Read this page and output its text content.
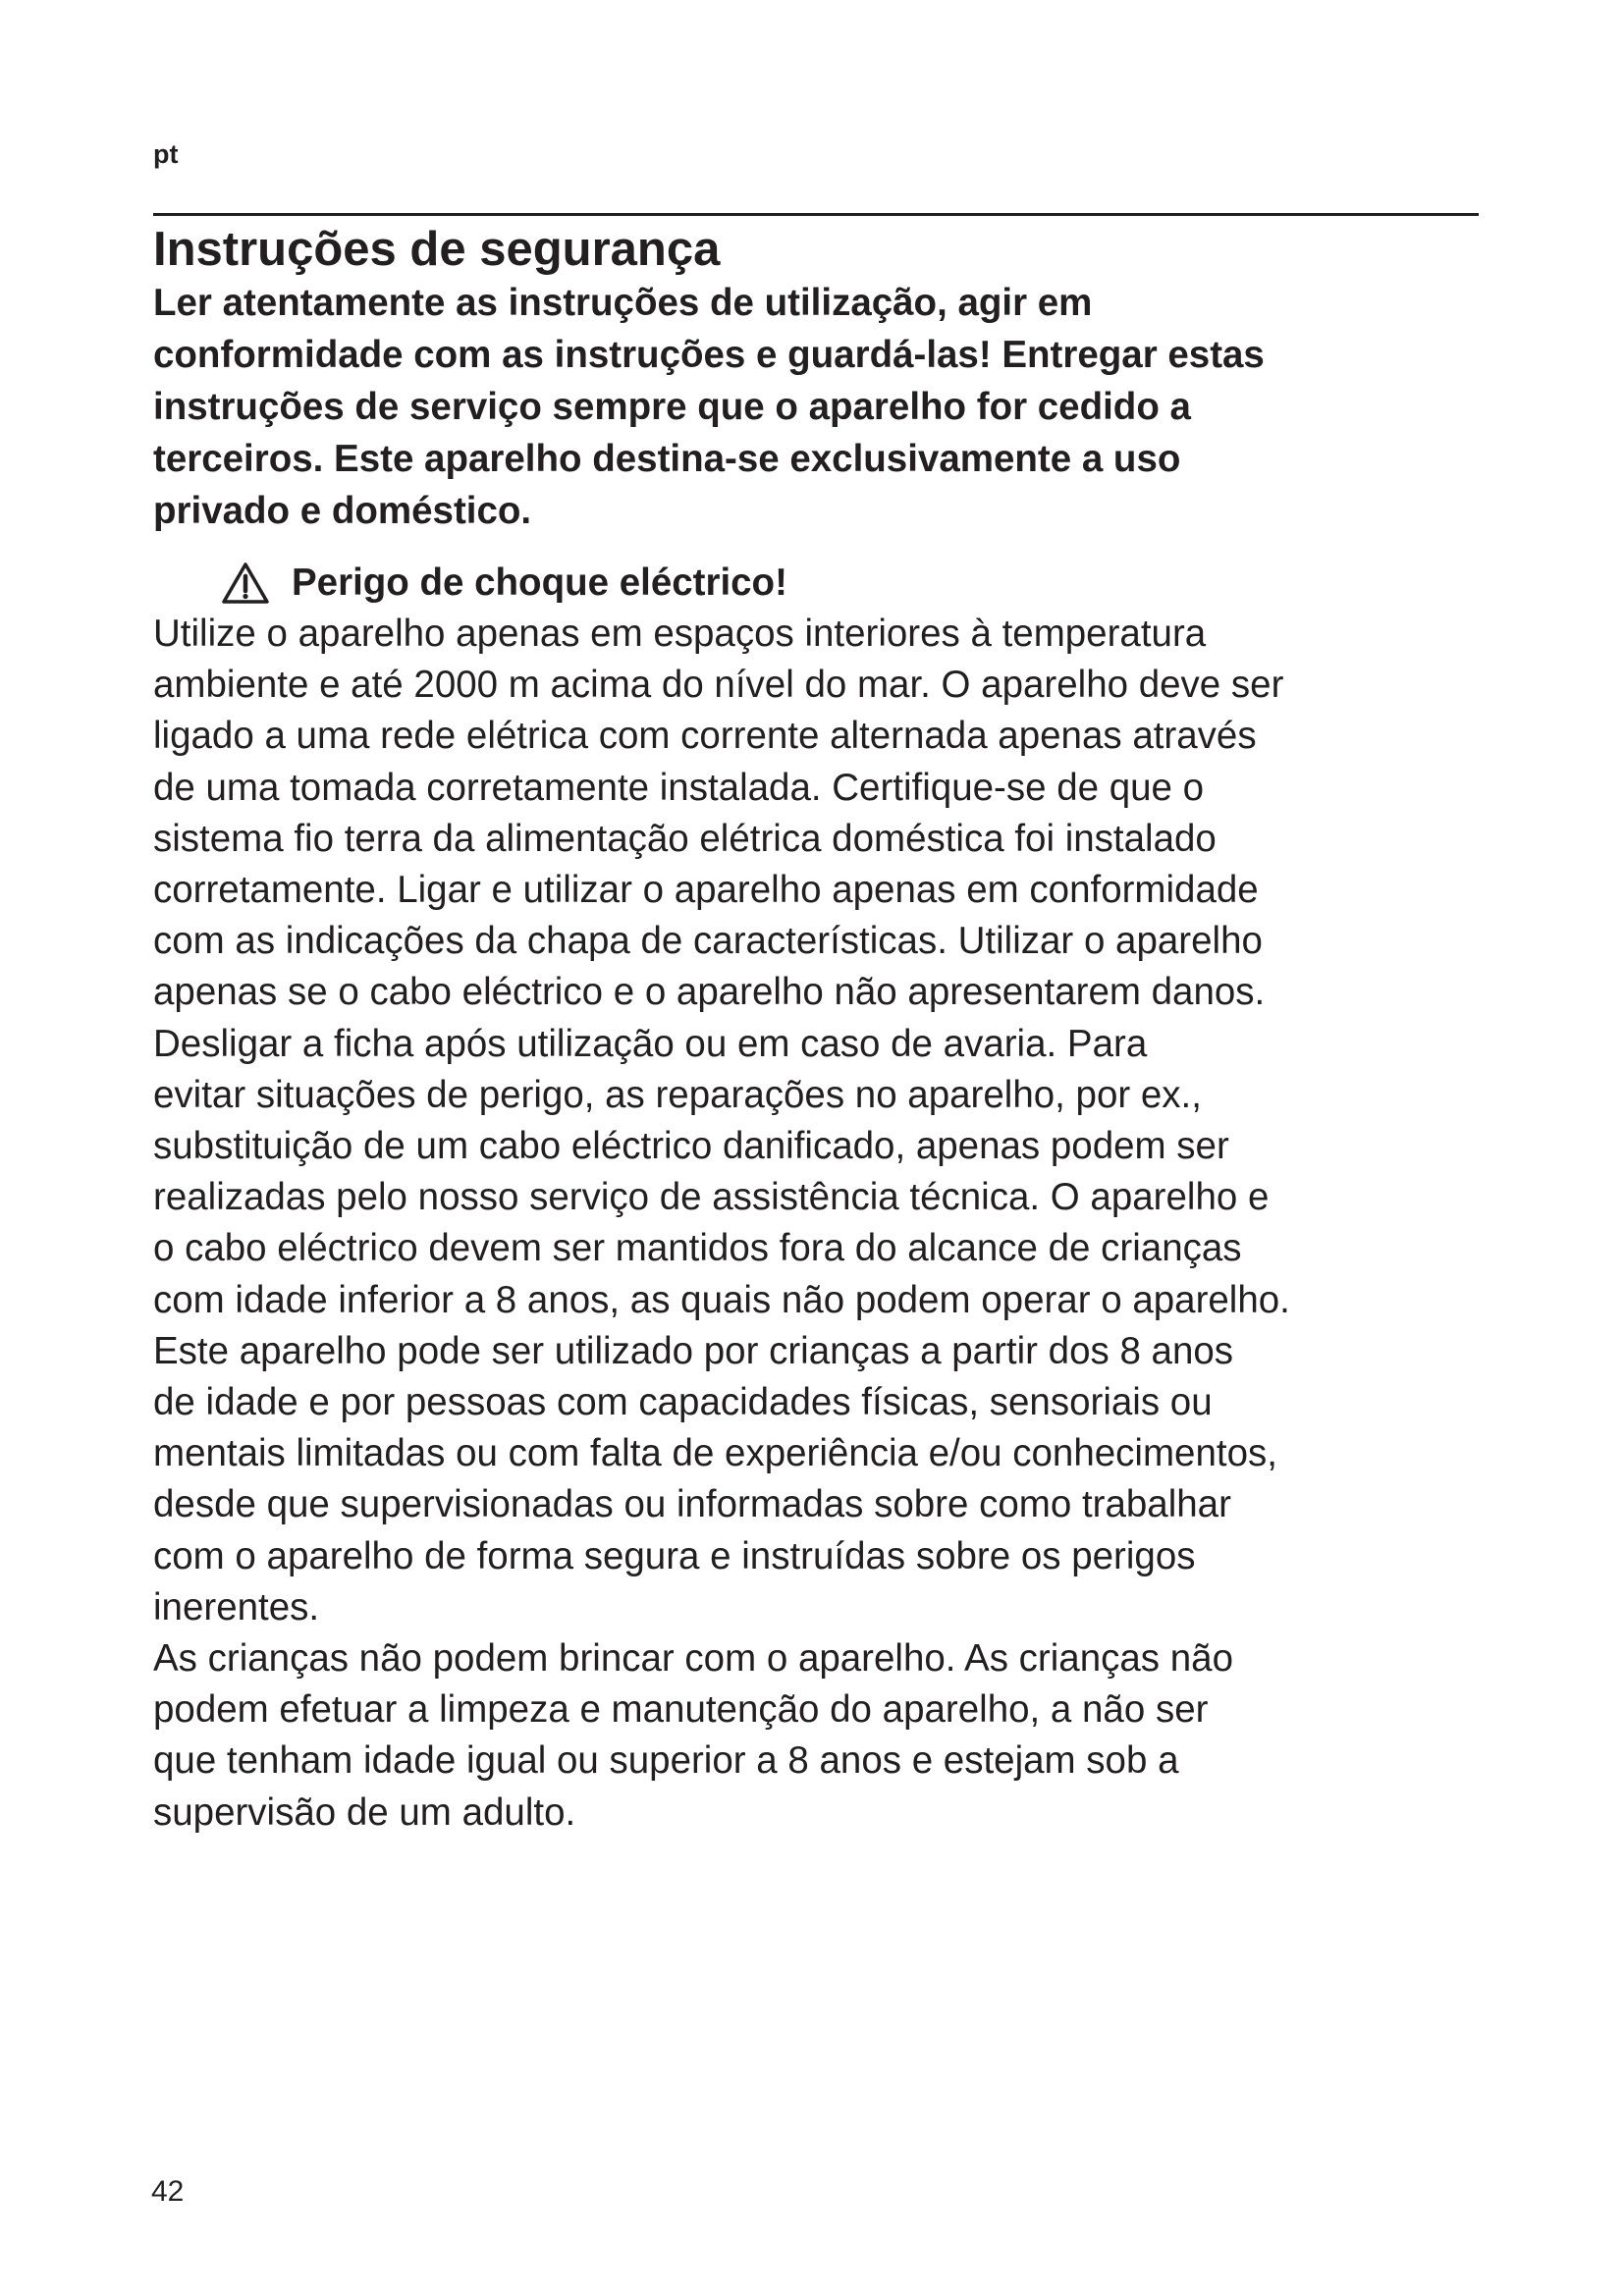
pt
Instruções de segurança

Ler atentamente as instruções de utilização, agir em
conformidade com as instruções e guardá-las! Entregar estas
instruções de serviço sempre que o aparelho for cedido a
terceiros. Este aparelho destina-se exclusivamente a uso
privado e doméstico.

Perigo de choque eléctrico!

Utilize o aparelho apenas em espaços interiores à temperatura
ambiente e até 2000 m acima do nível do mar. O aparelho deve ser
ligado a uma rede elétrica com corrente alternada apenas através
de uma tomada corretamente instalada. Certifique-se de que o
sistema fio terra da alimentação elétrica doméstica foi instalado
corretamente. Ligar e utilizar o aparelho apenas em conformidade
com as indicações da chapa de características. Utilizar o aparelho
apenas se o cabo eléctrico e o aparelho não apresentarem danos.
Desligar a ficha após utilização ou em caso de avaria. Para
evitar situações de perigo, as reparações no aparelho, por ex.,
substituição de um cabo eléctrico danificado, apenas podem ser
realizadas pelo nosso serviço de assistência técnica. O aparelho e
o cabo eléctrico devem ser mantidos fora do alcance de crianças
com idade inferior a 8 anos, as quais não podem operar o aparelho.
Este aparelho pode ser utilizado por crianças a partir dos 8 anos
de idade e por pessoas com capacidades físicas, sensoriais ou
mentais limitadas ou com falta de experiência e/ou conhecimentos,
desde que supervisionadas ou informadas sobre como trabalhar
com o aparelho de forma segura e instruídas sobre os perigos
inerentes.
As crianças não podem brincar com o aparelho. As crianças não
podem efetuar a limpeza e manutenção do aparelho, a não ser
que tenham idade igual ou superior a 8 anos e estejam sob a
supervisão de um adulto.

42
